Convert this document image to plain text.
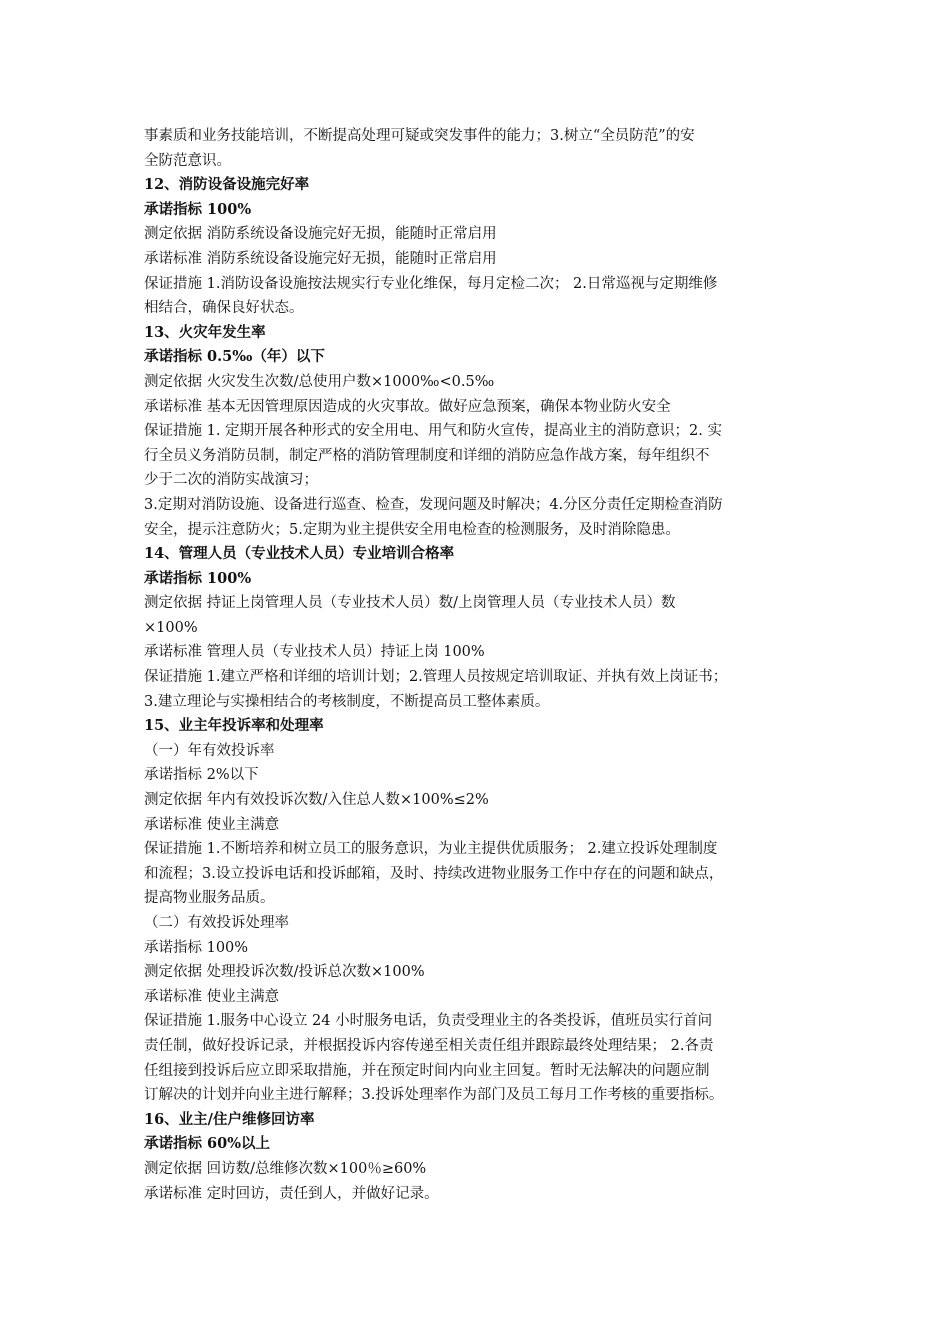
事素质和业务技能培训，不断提高处理可疑或突发事件的能力；3.树立“全员防范”的安
全防范意识。
12、消防设备设施完好率
承诺指标 100%
测定依据 消防系统设备设施完好无损，能随时正常启用
承诺标准 消防系统设备设施完好无损，能随时正常启用
保证措施 1.消防设备设施按法规实行专业化维保，每月定检二次； 2.日常巡视与定期维修
相结合，确保良好状态。
13、火灾年发生率
承诺指标 0.5‰（年）以下
测定依据 火灾发生次数/总使用户数×1000‰<0.5‰
承诺标准 基本无因管理原因造成的火灾事故。做好应急预案，确保本物业防火安全
保证措施 1. 定期开展各种形式的安全用电、用气和防火宣传，提高业主的消防意识；2. 实
行全员义务消防员制，制定严格的消防管理制度和详细的消防应急作战方案，每年组织不
少于二次的消防实战演习；
3.定期对消防设施、设备进行巡查、检查，发现问题及时解决；4.分区分责任定期检查消防
安全，提示注意防火；5.定期为业主提供安全用电检查的检测服务，及时消除隐患。
14、管理人员（专业技术人员）专业培训合格率
承诺指标 100%
测定依据 持证上岗管理人员（专业技术人员）数/上岗管理人员（专业技术人员）数
×100%
承诺标准 管理人员（专业技术人员）持证上岗 100%
保证措施 1.建立严格和详细的培训计划；2.管理人员按规定培训取证、并执有效上岗证书；
3.建立理论与实操相结合的考核制度，不断提高员工整体素质。
15、业主年投诉率和处理率
（一）年有效投诉率
承诺指标 2%以下
测定依据 年内有效投诉次数/入住总人数×100%≤2%
承诺标准 使业主满意
保证措施 1.不断培养和树立员工的服务意识，为业主提供优质服务； 2.建立投诉处理制度
和流程；3.设立投诉电话和投诉邮箱，及时、持续改进物业服务工作中存在的问题和缺点，
提高物业服务品质。
（二）有效投诉处理率
承诺指标 100%
测定依据 处理投诉次数/投诉总次数×100%
承诺标准 使业主满意
保证措施 1.服务中心设立 24 小时服务电话，负责受理业主的各类投诉，值班员实行首问
责任制，做好投诉记录，并根据投诉内容传递至相关责任组并跟踪最终处理结果； 2.各责
任组接到投诉后应立即采取措施，并在预定时间内向业主回复。暂时无法解决的问题应制
订解决的计划并向业主进行解释；3.投诉处理率作为部门及员工每月工作考核的重要指标。
16、业主/住户维修回访率
承诺指标 60%以上
测定依据 回访数/总维修次数×100％≥60%
承诺标准 定时回访，责任到人，并做好记录。
